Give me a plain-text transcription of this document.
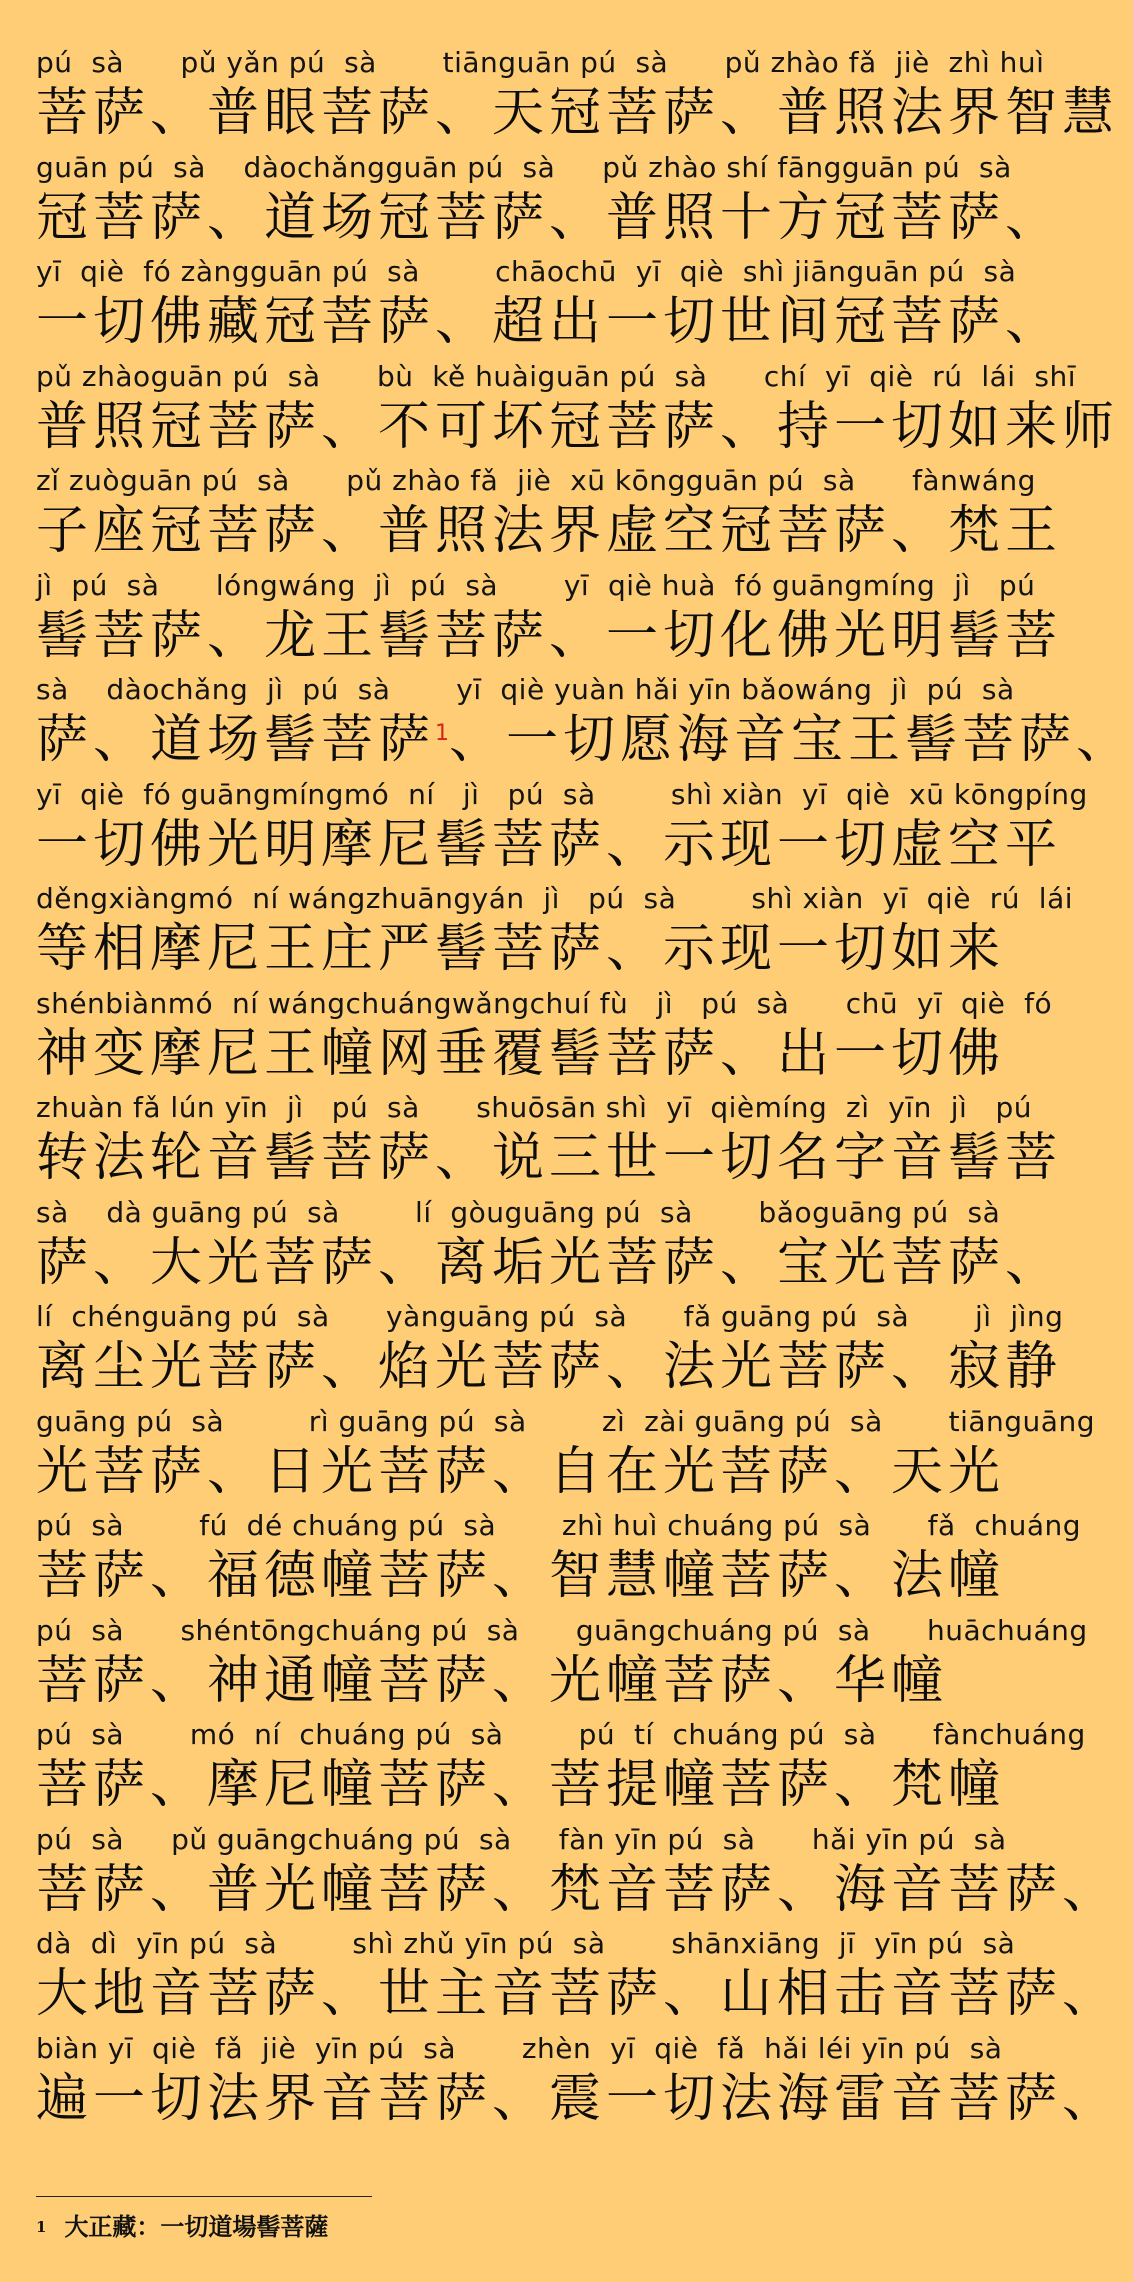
pú  sà      pǔ yǎn pú  sà       tiānguān pú  sà      pǔ zhào fǎ  jiè  zhì huì
菩萨、普眼菩萨、天冠菩萨、普照法界智慧
guān pú  sà    dàochǎngguān pú  sà     pǔ zhào shí fāngguān pú  sà
冠菩萨、道场冠菩萨、普照十方冠菩萨、
yī  qiè  fó zàngguān pú  sà        chāochū  yī  qiè  shì jiānguān pú  sà
一切佛藏冠菩萨、超出一切世间冠菩萨、
pǔ zhàoguān pú  sà      bù  kě huàiguān pú  sà      chí  yī  qiè  rú  lái  shī
普照冠菩萨、不可坏冠菩萨、持一切如来师
zǐ zuòguān pú  sà      pǔ zhào fǎ  jiè  xū kōngguān pú  sà      fànwáng
子座冠菩萨、普照法界虚空冠菩萨、梵王
jì  pú  sà      lóngwáng  jì  pú  sà       yī  qiè huà  fó guāngmíng  jì   pú
髻菩萨、龙王髻菩萨、一切化佛光明髻菩
sà    dàochǎng  jì  pú  sà       yī  qiè yuàn hǎi yīn bǎowáng  jì  pú  sà
萨、道场髻菩萨$^1$、一切愿海音宝王髻菩萨、
yī  qiè  fó guāngmíngmó  ní   jì   pú  sà        shì xiàn  yī  qiè  xū kōngpíng
一切佛光明摩尼髻菩萨、示现一切虚空平
děngxiàngmó  ní wángzhuāngyán  jì   pú  sà        shì xiàn  yī  qiè  rú  lái
等相摩尼王庄严髻菩萨、示现一切如来
shénbiànmó  ní wángchuángwǎngchuí fù   jì   pú  sà      chū  yī  qiè  fó
神变摩尼王幢网垂覆髻菩萨、出一切佛
zhuàn fǎ lún yīn  jì   pú  sà      shuōsān shì  yī  qièmíng  zì  yīn  jì   pú
转法轮音髻菩萨、说三世一切名字音髻菩
sà    dà guāng pú  sà        lí  gòuguāng pú  sà       bǎoguāng pú  sà
萨、大光菩萨、离垢光菩萨、宝光菩萨、
lí  chénguāng pú  sà      yànguāng pú  sà      fǎ guāng pú  sà       jì  jìng
离尘光菩萨、焰光菩萨、法光菩萨、寂静
guāng pú  sà         rì guāng pú  sà        zì  zài guāng pú  sà       tiānguāng
光菩萨、日光菩萨、自在光菩萨、天光
pú  sà        fú  dé chuáng pú  sà       zhì huì chuáng pú  sà      fǎ  chuáng
菩萨、福德幢菩萨、智慧幢菩萨、法幢
pú  sà      shéntōngchuáng pú  sà      guāngchuáng pú  sà      huāchuáng
菩萨、神通幢菩萨、光幢菩萨、华幢
pú  sà       mó  ní  chuáng pú  sà        pú  tí  chuáng pú  sà      fànchuáng
菩萨、摩尼幢菩萨、菩提幢菩萨、梵幢
pú  sà     pǔ guāngchuáng pú  sà     fàn yīn pú  sà      hǎi yīn pú  sà
菩萨、普光幢菩萨、梵音菩萨、海音菩萨、
dà  dì  yīn pú  sà        shì zhǔ yīn pú  sà       shānxiāng  jī  yīn pú  sà
大地音菩萨、世主音菩萨、山相击音菩萨、
biàn yī  qiè  fǎ  jiè  yīn pú  sà       zhèn  yī  qiè  fǎ  hǎi léi yīn pú  sà
遍一切法界音菩萨、震一切法海雷音菩萨、
$^1$ 大正藏：一切道場髻菩薩
